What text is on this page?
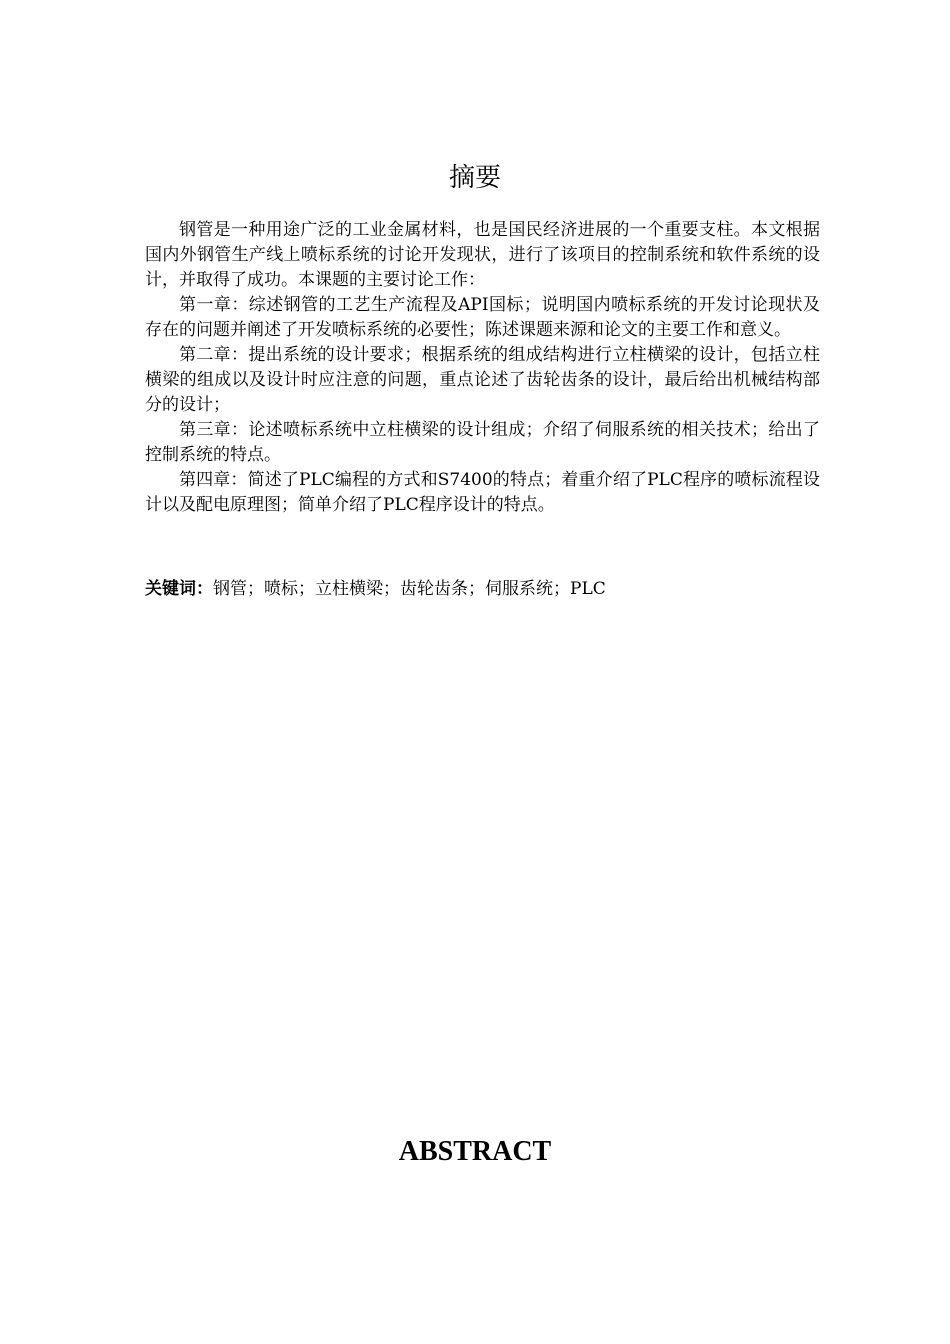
摘要

钢管是一种用途广泛的工业金属材料，也是国民经济进展的一个重要支柱。本文根据国内外钢管生产线上喷标系统的讨论开发现状，进行了该项目的控制系统和软件系统的设计，并取得了成功。本课题的主要讨论工作：

第一章：综述钢管的工艺生产流程及API国标；说明国内喷标系统的开发讨论现状及存在的问题并阐述了开发喷标系统的必要性；陈述课题来源和论文的主要工作和意义。

第二章：提出系统的设计要求；根据系统的组成结构进行立柱横梁的设计，包括立柱横梁的组成以及设计时应注意的问题，重点论述了齿轮齿条的设计，最后给出机械结构部分的设计；

第三章：论述喷标系统中立柱横梁的设计组成；介绍了伺服系统的相关技术；给出了控制系统的特点。

第四章：简述了PLC编程的方式和S7400的特点；着重介绍了PLC程序的喷标流程设计以及配电原理图；简单介绍了PLC程序设计的特点。

关键词：钢管；喷标；立柱横梁；齿轮齿条；伺服系统；PLC

ABSTRACT
